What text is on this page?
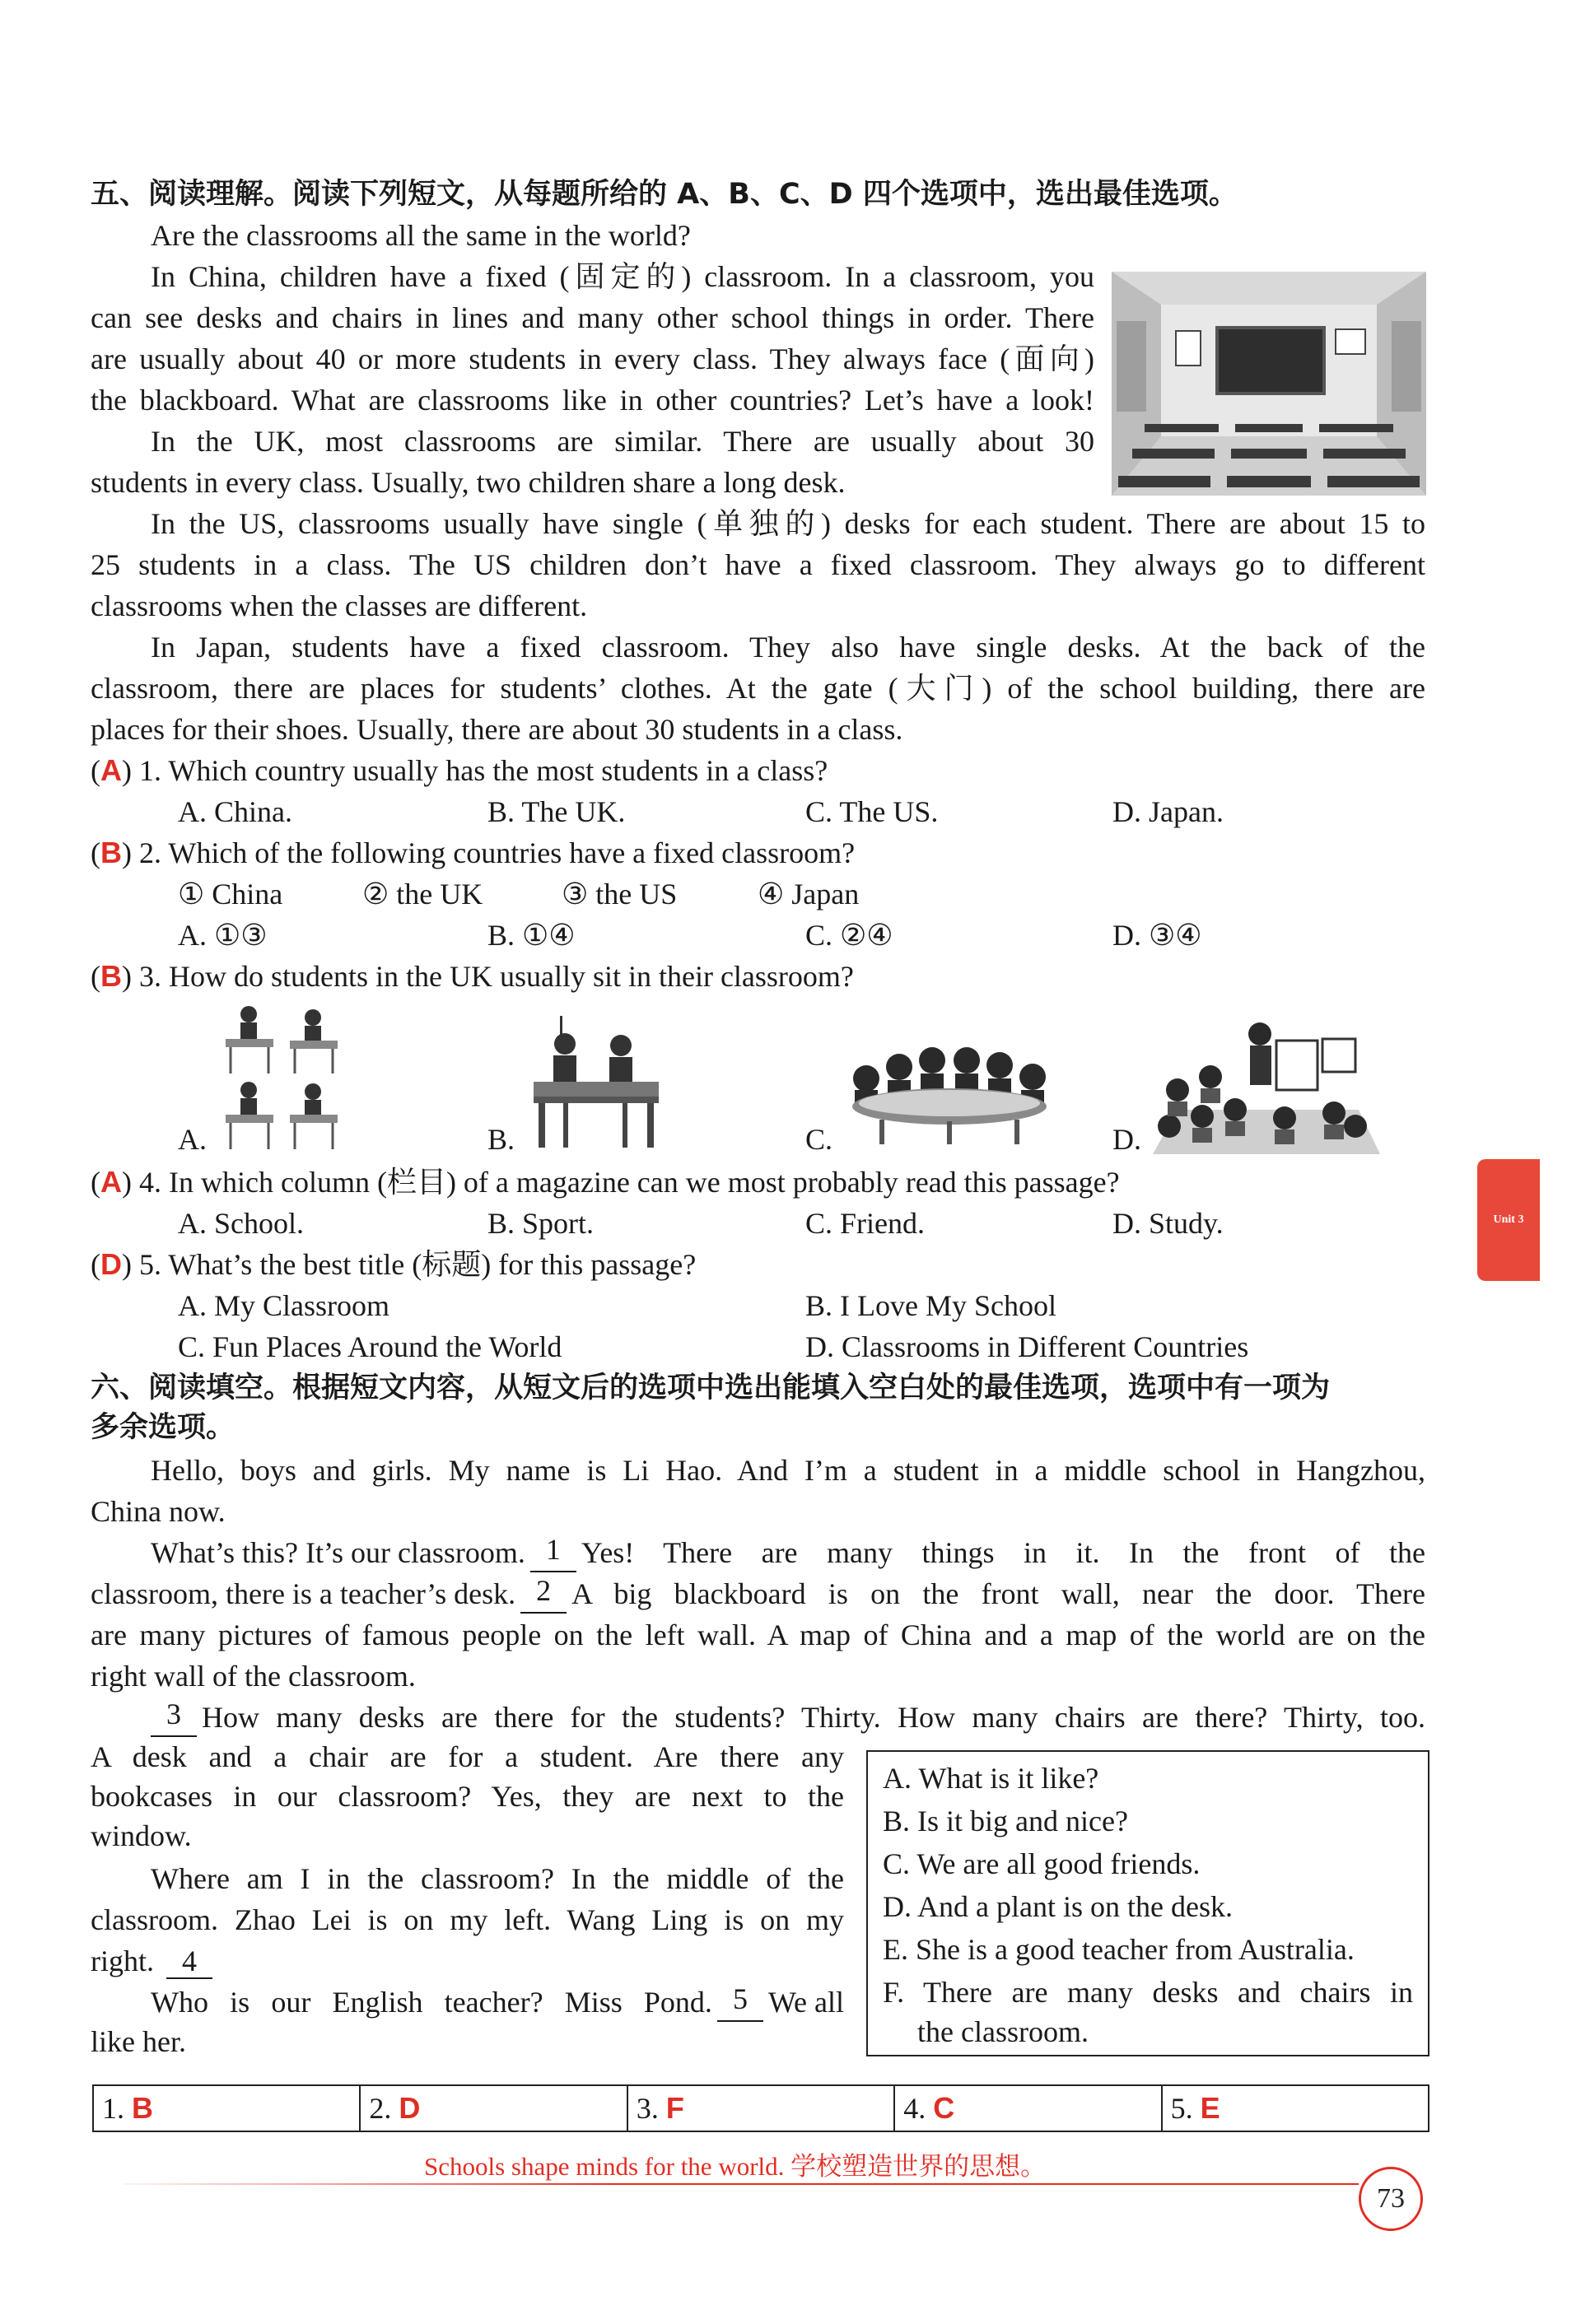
五、阅读理解。阅读下列短文，从每题所给的 A、B、C、D 四个选项中，选出最佳选项。
Are the classrooms all the same in the world?
In China, children have a fixed (固定的) classroom. In a classroom, you
can see desks and chairs in lines and many other school things in order. There
are usually about 40 or more students in every class. They always face (面向)
the blackboard. What are classrooms like in other countries? Let’s have a look!
In the UK, most classrooms are similar. There are usually about 30
students in every class. Usually, two children share a long desk.
In the US, classrooms usually have single (单独的) desks for each student. There are about 15 to
25 students in a class. The US children don’t have a fixed classroom. They always go to different
classrooms when the classes are different.
In Japan, students have a fixed classroom. They also have single desks. At the back of the
classroom, there are places for students’ clothes. At the gate (大门) of the school building, there are
places for their shoes. Usually, there are about 30 students in a class.
(A) 1. Which country usually has the most students in a class?
A. China.	B. The UK.	C. The US.	D. Japan.
(B) 2. Which of the following countries have a fixed classroom?
① China	② the UK	③ the US	④ Japan
A. ①③	B. ①④	C. ②④	D. ③④
(B) 3. How do students in the UK usually sit in their classroom?
A.	B.	C.	D.
(A) 4. In which column (栏目) of a magazine can we most probably read this passage?
A. School.	B. Sport.	C. Friend.	D. Study.
(D) 5. What’s the best title (标题) for this passage?
A. My Classroom	B. I Love My School
C. Fun Places Around the World	D. Classrooms in Different Countries
六、阅读填空。根据短文内容，从短文后的选项中选出能填入空白处的最佳选项，选项中有一项为
多余选项。
Hello, boys and girls. My name is Li Hao. And I’m a student in a middle school in Hangzhou,
China now.
What’s this? It’s our classroom. 1 Yes! There are many things in it. In the front of the
classroom, there is a teacher’s desk. 2 A big blackboard is on the front wall, near the door. There
are many pictures of famous people on the left wall. A map of China and a map of the world are on the
right wall of the classroom.
3 How many desks are there for the students? Thirty. How many chairs are there? Thirty, too.
A desk and a chair are for a student. Are there any
bookcases in our classroom? Yes, they are next to the
window.
Where am I in the classroom? In the middle of the
classroom. Zhao Lei is on my left. Wang Ling is on my
right. 4
Who is our English teacher? Miss Pond. 5 We all
like her.
A. What is it like?
B. Is it big and nice?
C. We are all good friends.
D. And a plant is on the desk.
E. She is a good teacher from Australia.
F. There are many desks and chairs in
the classroom.
1. B	2. D	3. F	4. C	5. E
Schools shape minds for the world. 学校塑造世界的思想。
73
Unit 3
